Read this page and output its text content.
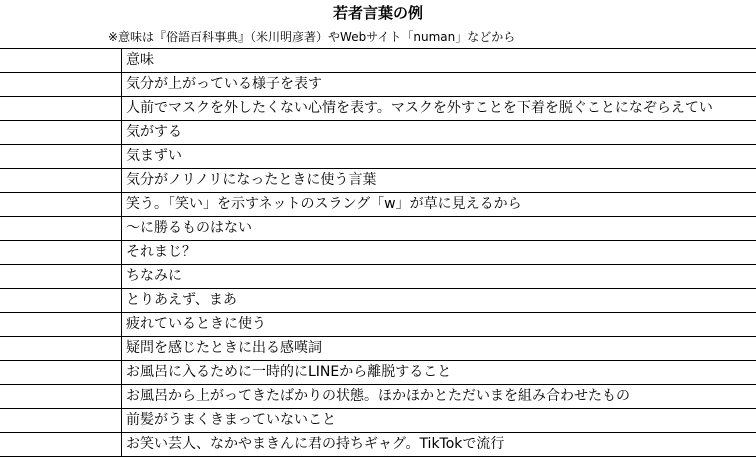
若者言葉の例
※意味は『俗語百科事典』（米川明彦著）やWebサイト「numan」などから
意味
気分が上がっている様子を表す
人前でマスクを外したくない心情を表す。マスクを外すことを下着を脱ぐことになぞらえてい
気がする
気まずい
気分がノリノリになったときに使う言葉
笑う。「笑い」を示すネットのスラング「w」が草に見えるから
〜に勝るものはない
それまじ？
ちなみに
とりあえず、まあ
疲れているときに使う
疑問を感じたときに出る感嘆詞
お風呂に入るために一時的にLINEから離脱すること
お風呂から上がってきたばかりの状態。ほかほかとただいまを組み合わせたもの
前髪がうまくきまっていないこと
お笑い芸人、なかやまきんに君の持ちギャグ。TikTokで流行
